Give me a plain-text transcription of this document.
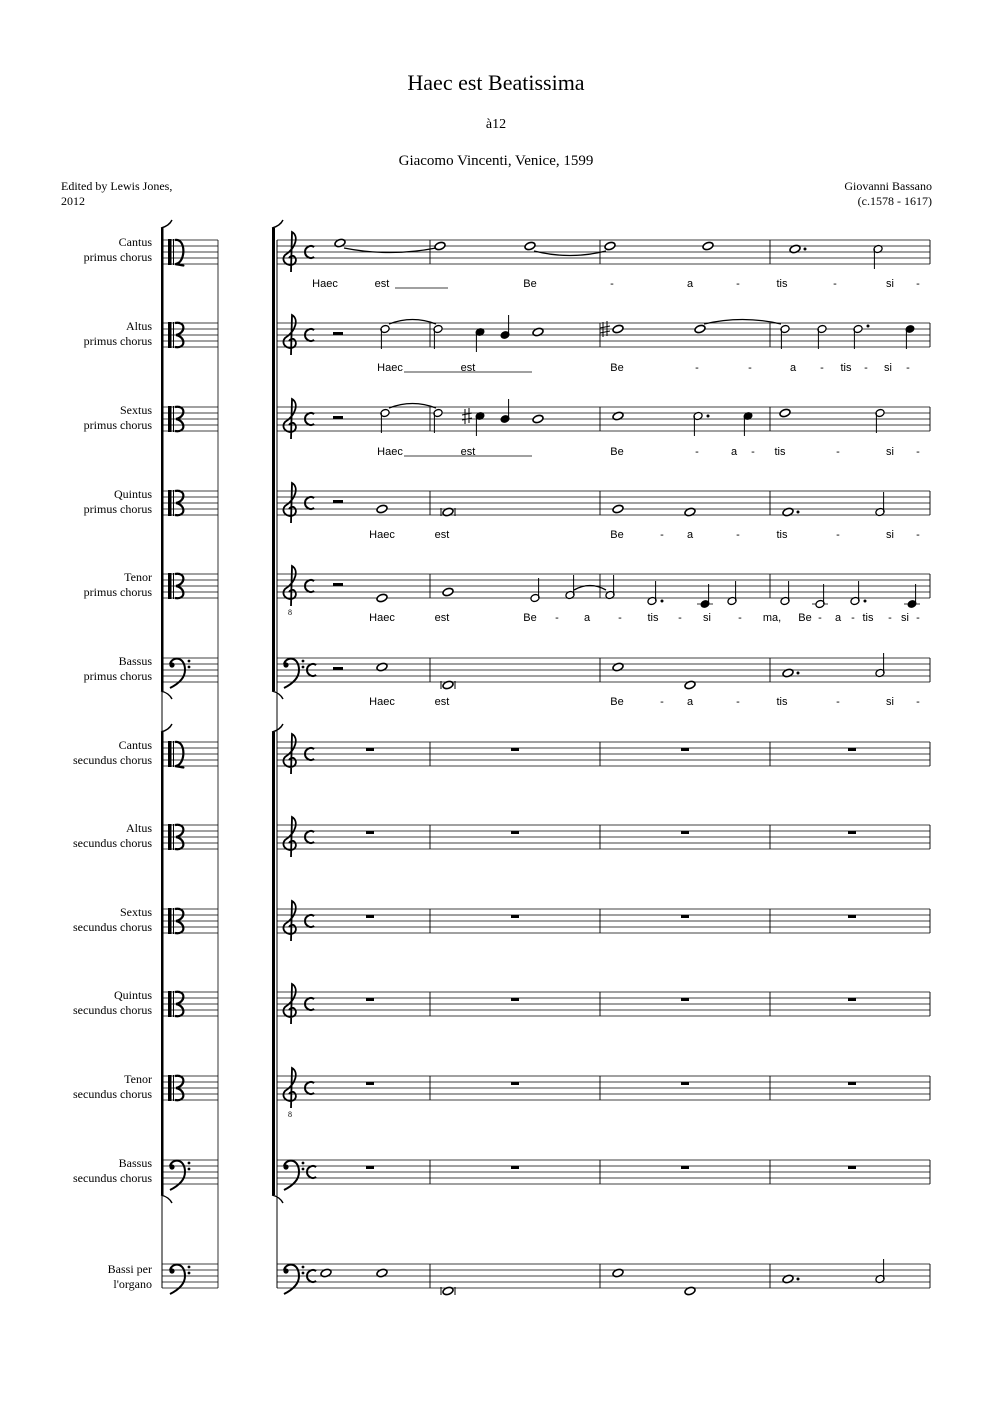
Haec est Beatissima
à12
Giacomo Vincenti, Venice, 1599
Edited by Lewis Jones,
2012
Giovanni Bassano
(c.1578 - 1617)
Cantus
primus chorus
Altus
primus chorus
Sextus
primus chorus
Quintus
primus chorus
Tenor
primus chorus
Bassus
primus chorus
Cantus
secundus chorus
Altus
secundus chorus
Sextus
secundus chorus
Quintus
secundus chorus
Tenor
secundus chorus
Bassus
secundus chorus
Bassi per
l'organo
8
8
Haec	est	Be	-	a	-	tis	-	si -
Haec	est	Be	-	-	a - tis - si -
Haec	est	Be	-	a - tis	-	si -
Haec	est	Be	- a	-	tis	-	si -
Haec	est	Be - a	- tis - si - ma, Be - a - tis - si -
Haec	est	Be	- a	-	tis	-	si -
